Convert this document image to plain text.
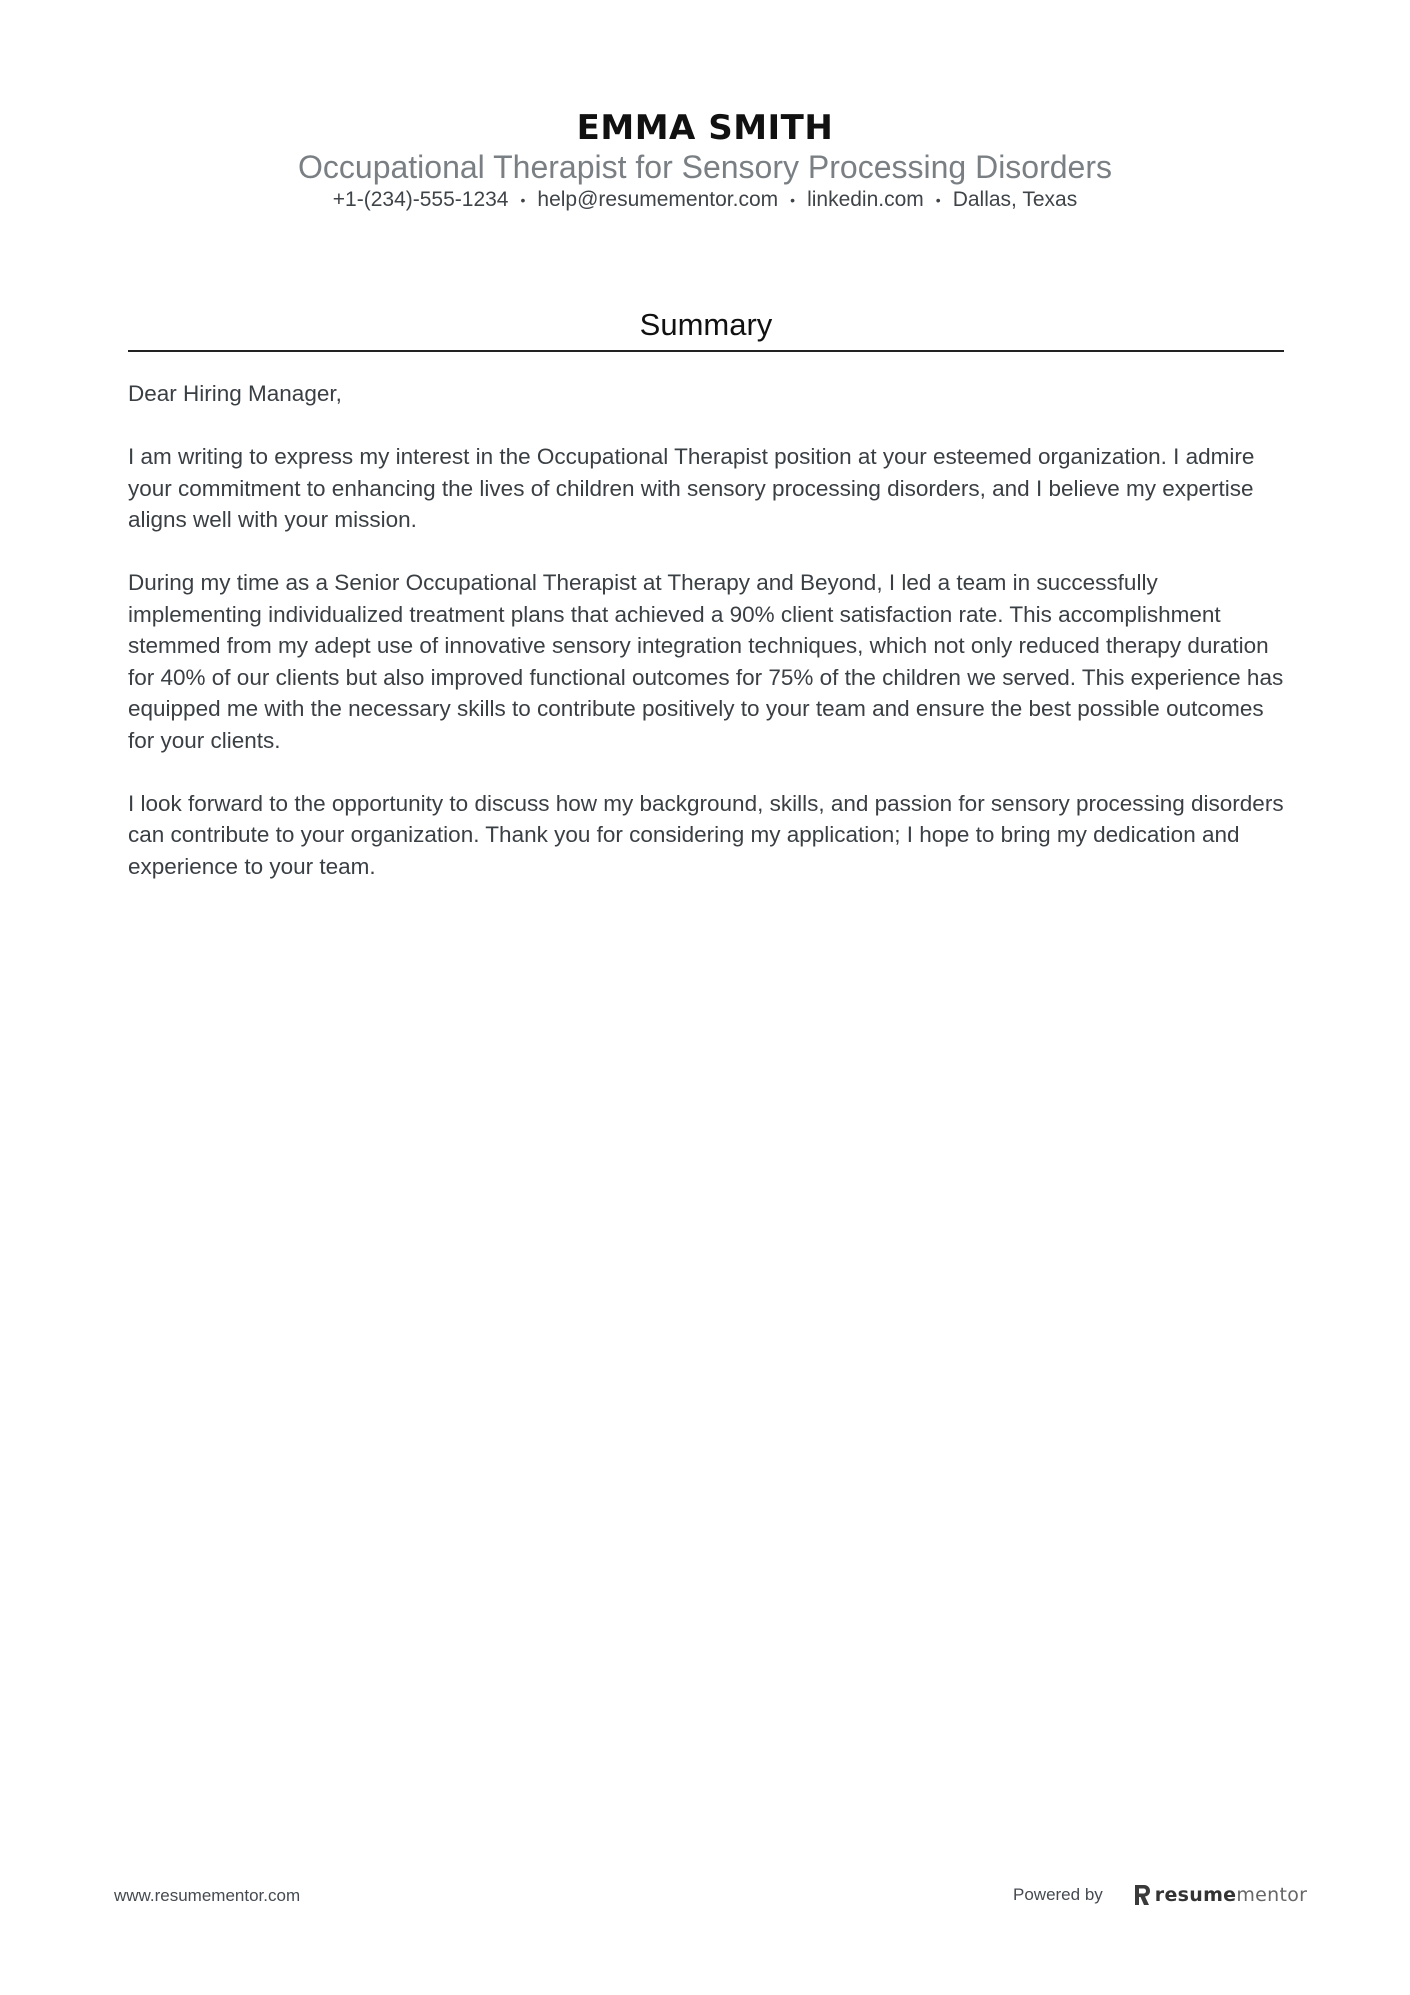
EMMA SMITH
Occupational Therapist for Sensory Processing Disorders
+1-(234)-555-1234 • help@resumementor.com • linkedin.com • Dallas, Texas
Summary

Dear Hiring Manager,

I am writing to express my interest in the Occupational Therapist position at your esteemed organization. I admire your commitment to enhancing the lives of children with sensory processing disorders, and I believe my expertise aligns well with your mission.

During my time as a Senior Occupational Therapist at Therapy and Beyond, I led a team in successfully implementing individualized treatment plans that achieved a 90% client satisfaction rate. This accomplishment stemmed from my adept use of innovative sensory integration techniques, which not only reduced therapy duration for 40% of our clients but also improved functional outcomes for 75% of the children we served. This experience has equipped me with the necessary skills to contribute positively to your team and ensure the best possible outcomes for your clients.

I look forward to the opportunity to discuss how my background, skills, and passion for sensory processing disorders can contribute to your organization. Thank you for considering my application; I hope to bring my dedication and experience to your team.

www.resumementor.com	Powered by	resumementor
